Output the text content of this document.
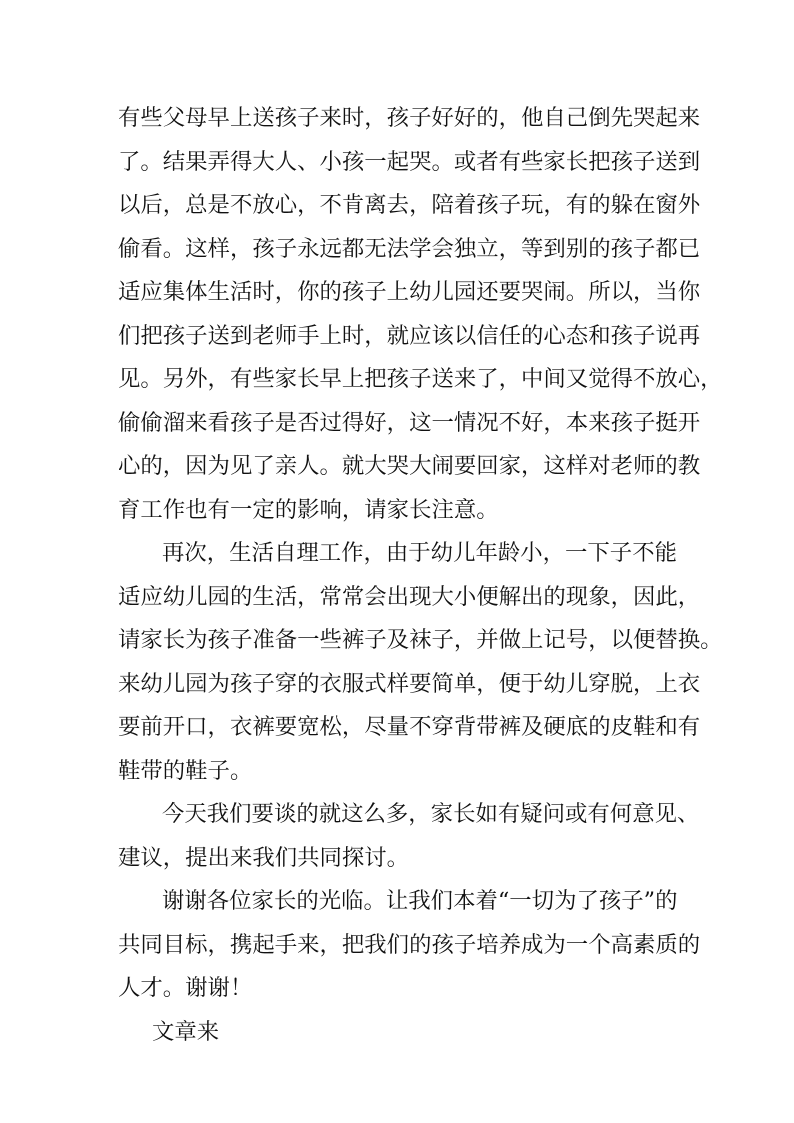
有些父母早上送孩子来时，孩子好好的，他自己倒先哭起来
了。结果弄得大人、小孩一起哭。或者有些家长把孩子送到
以后，总是不放心，不肯离去，陪着孩子玩，有的躲在窗外
偷看。这样，孩子永远都无法学会独立，等到别的孩子都已
适应集体生活时，你的孩子上幼儿园还要哭闹。所以，当你
们把孩子送到老师手上时，就应该以信任的心态和孩子说再
见。另外，有些家长早上把孩子送来了，中间又觉得不放心，
偷偷溜来看孩子是否过得好，这一情况不好，本来孩子挺开
心的，因为见了亲人。就大哭大闹要回家，这样对老师的教
育工作也有一定的影响，请家长注意。
再次，生活自理工作，由于幼儿年龄小，一下子不能
适应幼儿园的生活，常常会出现大小便解出的现象，因此，
请家长为孩子准备一些裤子及袜子，并做上记号，以便替换。
来幼儿园为孩子穿的衣服式样要简单，便于幼儿穿脱，上衣
要前开口，衣裤要宽松，尽量不穿背带裤及硬底的皮鞋和有
鞋带的鞋子。
今天我们要谈的就这么多，家长如有疑问或有何意见、
建议，提出来我们共同探讨。
谢谢各位家长的光临。让我们本着“一切为了孩子”的
共同目标，携起手来，把我们的孩子培养成为一个高素质的
人才。谢谢！
文章来
